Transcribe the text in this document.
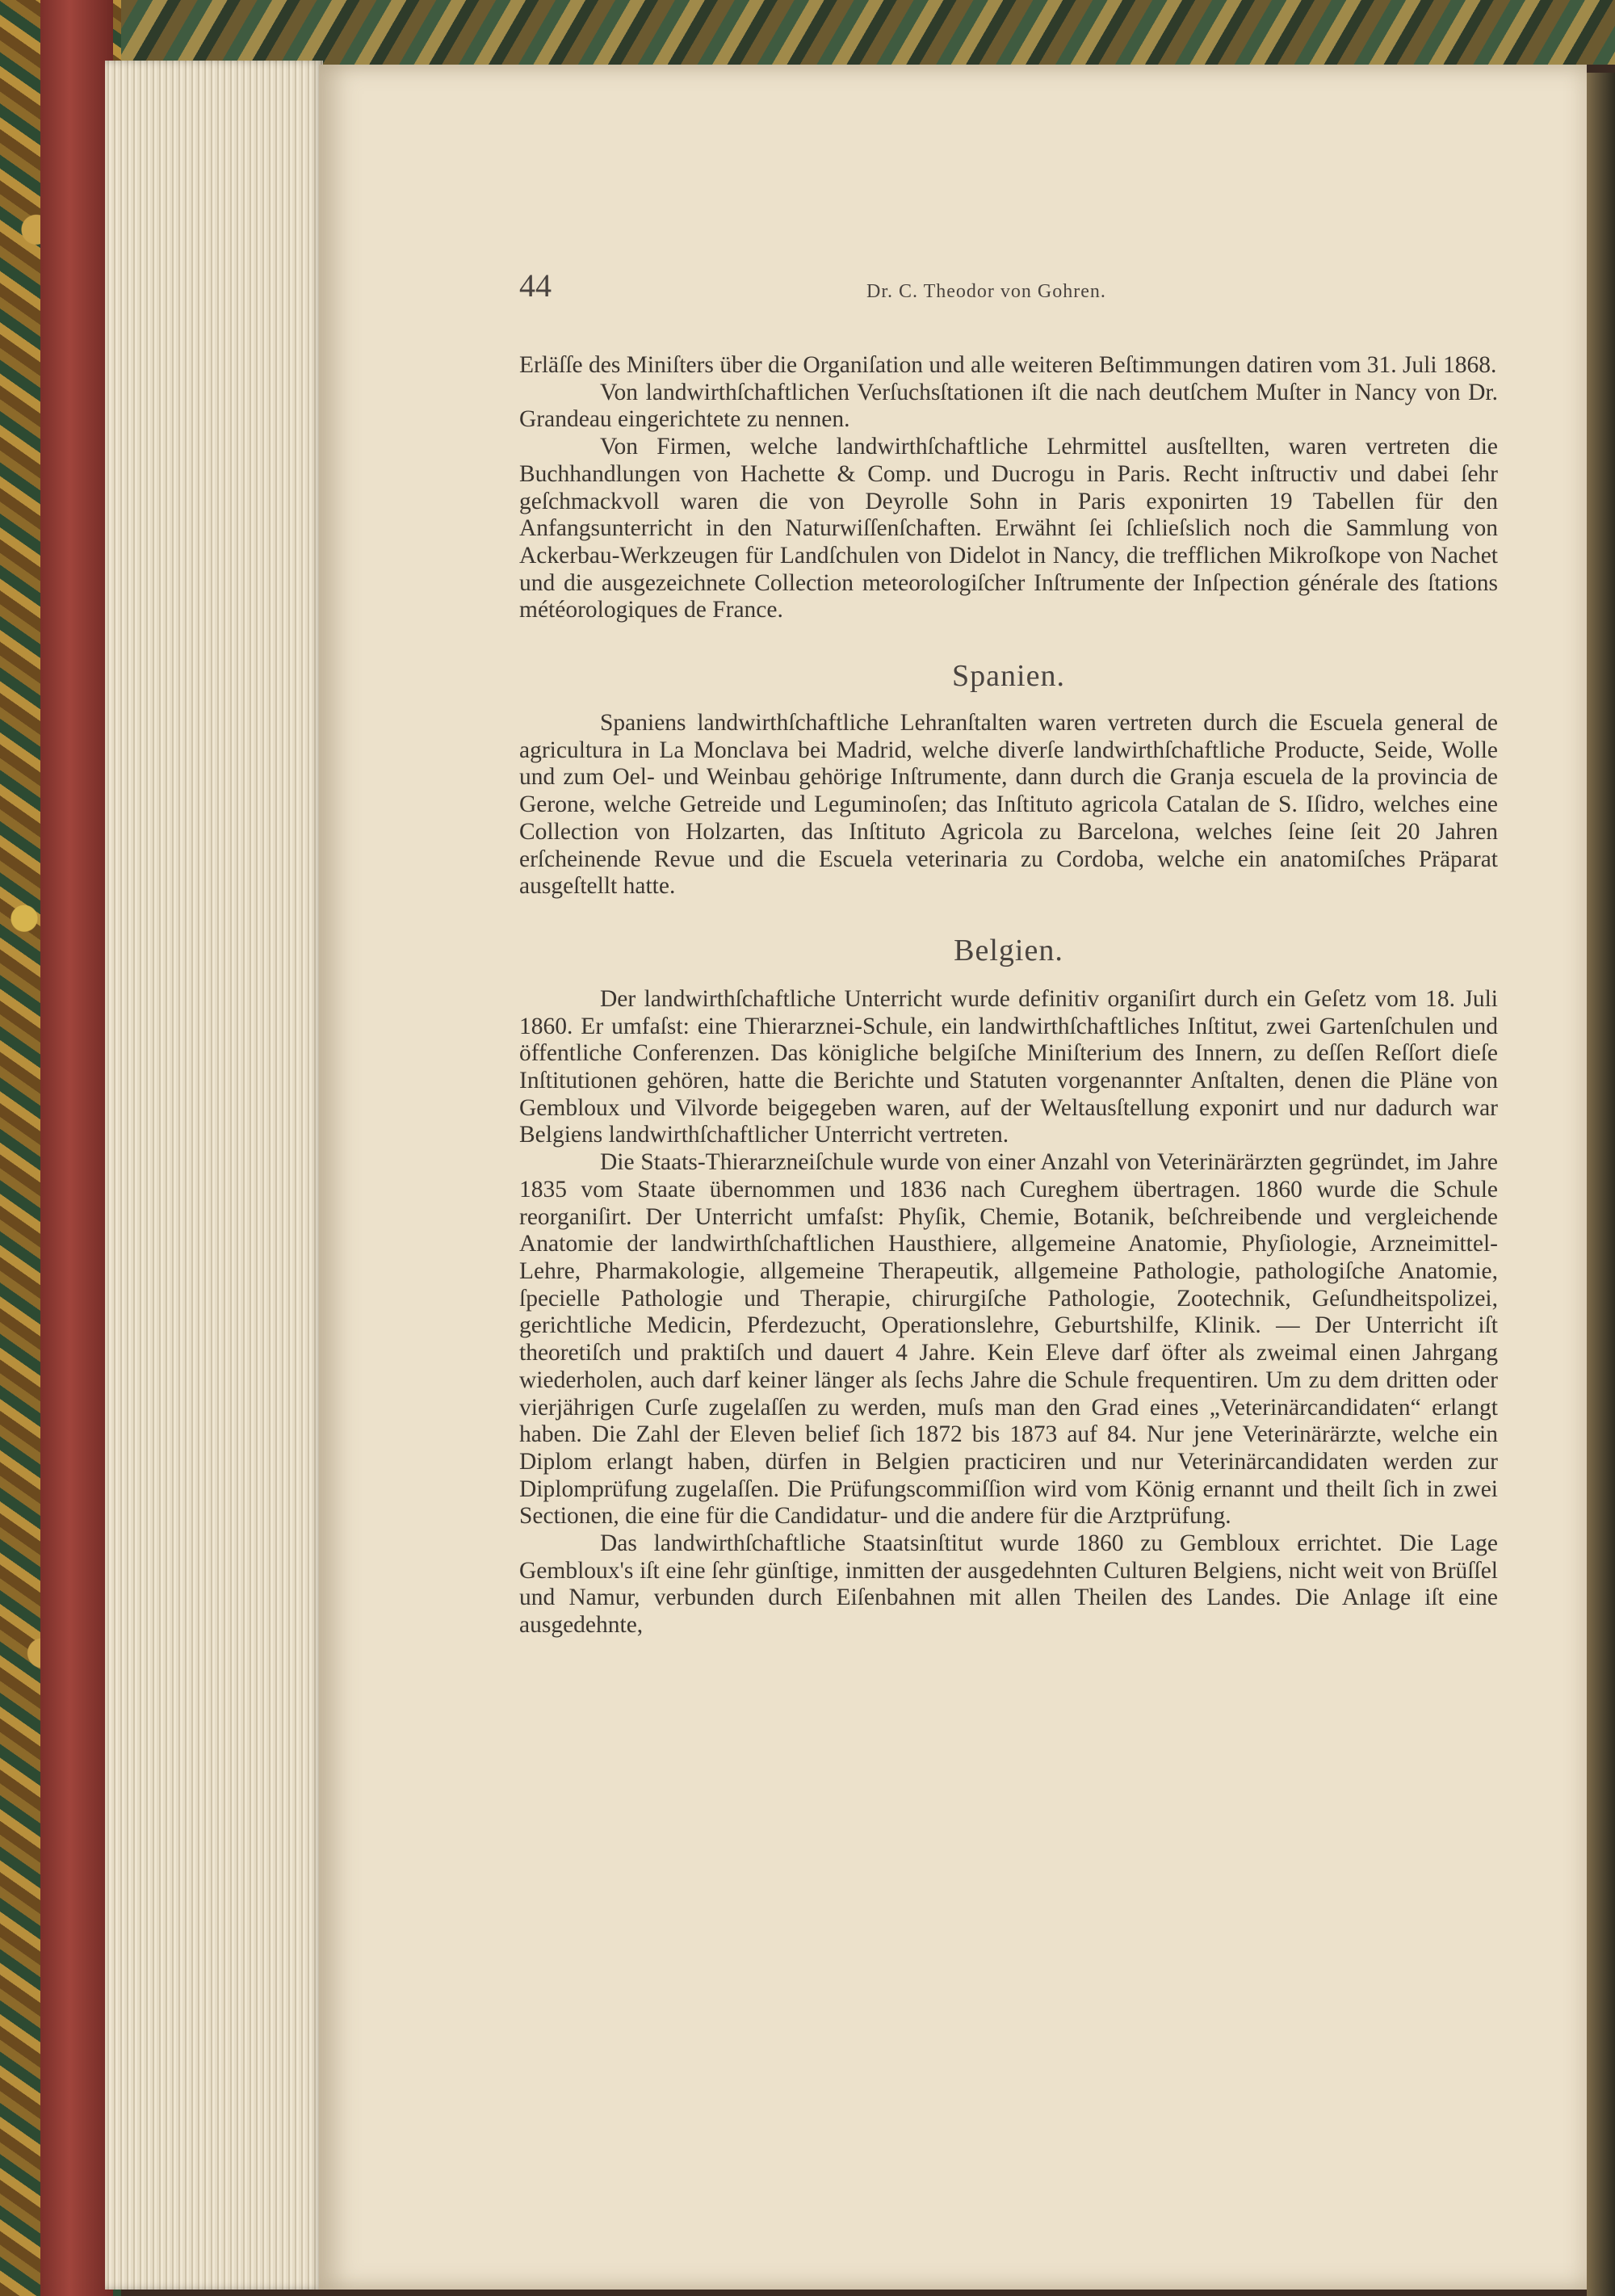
44	Dr. C. Theodor von Gohren.

Erläſſe des Miniſters über die Organiſation und alle weiteren Beſtimmungen datiren vom 31. Juli 1868.

Von landwirthſchaftlichen Verſuchsſtationen iſt die nach deutſchem Muſter in Nancy von Dr. Grandeau eingerichtete zu nennen.

Von Firmen, welche landwirthſchaftliche Lehrmittel ausſtellten, waren vertreten die Buchhandlungen von Hachette & Comp. und Ducrogu in Paris. Recht inſtructiv und dabei ſehr geſchmackvoll waren die von Deyrolle Sohn in Paris exponirten 19 Tabellen für den Anfangsunterricht in den Naturwiſſenſchaften. Erwähnt ſei ſchlieſslich noch die Sammlung von Ackerbau-Werkzeugen für Landſchulen von Didelot in Nancy, die trefflichen Mikroſkope von Nachet und die ausgezeichnete Collection meteorologiſcher Inſtrumente der Inſpection générale des ſtations météorologiques de France.

Spanien.

Spaniens landwirthſchaftliche Lehranſtalten waren vertreten durch die Escuela general de agricultura in La Monclava bei Madrid, welche diverſe landwirthſchaftliche Producte, Seide, Wolle und zum Oel- und Weinbau gehörige Inſtrumente, dann durch die Granja escuela de la provincia de Gerone, welche Getreide und Leguminoſen; das Inſtituto agricola Catalan de S. Iſidro, welches eine Collection von Holzarten, das Inſtituto Agricola zu Barcelona, welches ſeine ſeit 20 Jahren erſcheinende Revue und die Escuela veterinaria zu Cordoba, welche ein anatomiſches Präparat ausgeſtellt hatte.

Belgien.

Der landwirthſchaftliche Unterricht wurde definitiv organiſirt durch ein Geſetz vom 18. Juli 1860. Er umfaſst: eine Thierarznei-Schule, ein landwirthſchaftliches Inſtitut, zwei Gartenſchulen und öffentliche Conferenzen. Das königliche belgiſche Miniſterium des Innern, zu deſſen Reſſort dieſe Inſtitutionen gehören, hatte die Berichte und Statuten vorgenannter Anſtalten, denen die Pläne von Gembloux und Vilvorde beigegeben waren, auf der Weltausſtellung exponirt und nur dadurch war Belgiens landwirthſchaftlicher Unterricht vertreten.

Die Staats-Thierarzneiſchule wurde von einer Anzahl von Veterinärärzten gegründet, im Jahre 1835 vom Staate übernommen und 1836 nach Cureghem übertragen. 1860 wurde die Schule reorganiſirt. Der Unterricht umfaſst: Phyſik, Chemie, Botanik, beſchreibende und vergleichende Anatomie der landwirthſchaftlichen Hausthiere, allgemeine Anatomie, Phyſiologie, Arzneimittel-Lehre, Pharmakologie, allgemeine Therapeutik, allgemeine Pathologie, pathologiſche Anatomie, ſpecielle Pathologie und Therapie, chirurgiſche Pathologie, Zootechnik, Geſundheitspolizei, gerichtliche Medicin, Pferdezucht, Operationslehre, Geburtshilfe, Klinik. — Der Unterricht iſt theoretiſch und praktiſch und dauert 4 Jahre. Kein Eleve darf öfter als zweimal einen Jahrgang wiederholen, auch darf keiner länger als ſechs Jahre die Schule frequentiren. Um zu dem dritten oder vierjährigen Curſe zugelaſſen zu werden, muſs man den Grad eines „Veterinärcandidaten“ erlangt haben. Die Zahl der Eleven belief ſich 1872 bis 1873 auf 84. Nur jene Veterinärärzte, welche ein Diplom erlangt haben, dürfen in Belgien practiciren und nur Veterinärcandidaten werden zur Diplomprüfung zugelaſſen. Die Prüfungscommiſſion wird vom König ernannt und theilt ſich in zwei Sectionen, die eine für die Candidatur- und die andere für die Arztprüfung.

Das landwirthſchaftliche Staatsinſtitut wurde 1860 zu Gembloux errichtet. Die Lage Gembloux's iſt eine ſehr günſtige, inmitten der ausgedehnten Culturen Belgiens, nicht weit von Brüſſel und Namur, verbunden durch Eiſenbahnen mit allen Theilen des Landes. Die Anlage iſt eine ausgedehnte,
